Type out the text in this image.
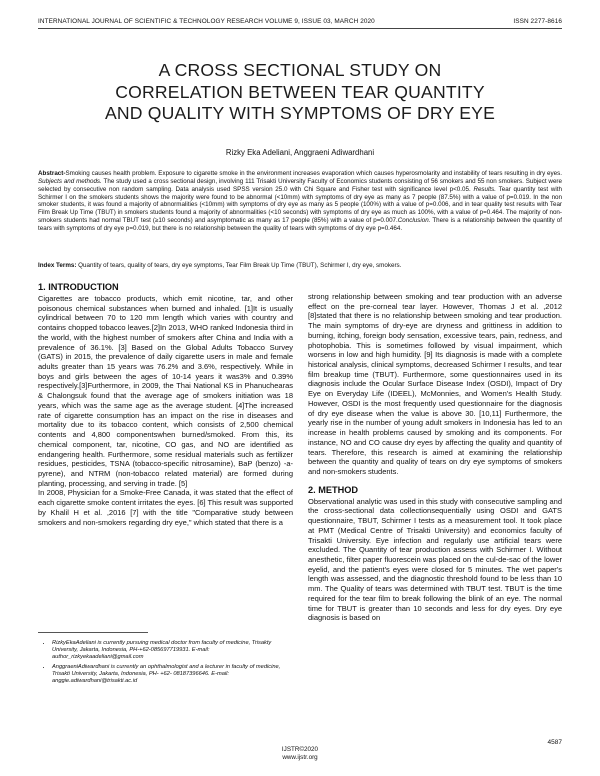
INTERNATIONAL JOURNAL OF SCIENTIFIC & TECHNOLOGY RESEARCH VOLUME 9, ISSUE 03, MARCH 2020	ISSN 2277-8616
A CROSS SECTIONAL STUDY ON
CORRELATION BETWEEN TEAR QUANTITY
AND QUALITY WITH SYMPTOMS OF DRY EYE
Rizky Eka Adeliani, Anggraeni Adiwardhani
Abstract-Smoking causes health problem. Exposure to cigarette smoke in the environment increases evaporation which causes hyperosmolarity and instability of tears resulting in dry eyes. Subjects and methods. The study used a cross sectional design, involving 111 Trisakti University Faculty of Economics students consisting of 56 smokers and 55 non smokers. Subject were selected by consecutive non random sampling. Data analysis used SPSS version 25.0 with Chi Square and Fisher test with significance level p<0.05. Results. Tear quantity test with Schirmer I on the smokers students shows the majority were found to be abnormal (<10mm) with symptoms of dry eye as many as 7 people (87.5%) with a value of p=0.019. In the non smoker students, it was found a majority of abnormalities (<10mm) with symptoms of dry eye as many as 5 people (100%) with a value of p=0.006, and in tear quality test results with Tear Film Break Up Time (TBUT) in smokers students found a majority of abnormalities (<10 seconds) with symptoms of dry eye as much as 100%, with a value of p=0.464. The majority of non-smokers students had normal TBUT test (≥10 seconds) and asymptomatic as many as 17 people (85%) with a value of p=0.007.Conclusion. There is a relationship between the quantity of tears with symptoms of dry eye p=0.019, but there is no relationship between the quality of tears with symptoms of dry eye p=0.464.
Index Terms: Quantity of tears, quality of tears, dry eye symptoms, Tear Film Break Up Time (TBUT), Schirmer I, dry eye, smokers.
1. INTRODUCTION

Cigarettes are tobacco products, which emit nicotine, tar, and other poisonous chemical substances when burned and inhaled. [1]It is usually cylindrical between 70 to 120 mm length which varies with country and contains chopped tobacco leaves.[2]In 2013, WHO ranked Indonesia third in the world, with the highest number of smokers after China and India with a prevalence of 36.1%. [3] Based on the Global Adults Tobacco Survey (GATS) in 2015, the prevalence of daily cigarette users in male and female adults greater than 15 years was 76.2% and 3.6%, respectively. While in boys and girls between the ages of 10-14 years it was3% and 0.39% respectively.[3]Furthermore, in 2009, the Thai National KS in Phanuchearas & Chalongsuk found that the average age of smokers initiation was 18 years, which was the same age as the average student. [4]The increased rate of cigarette consumption has an impact on the rise in diseases and mortality due to its tobacco content, which consists of 2,500 chemical contents and 4,800 componentswhen burned/smoked. From this, its chemical component, tar, nicotine, CO gas, and NO are identified as endangering health. Furthermore, some residual materials such as fertilizer residues, pesticides, TSNA (tobacco-specific nitrosamine), BaP (benzo) -a-pyrene), and NTRM (non-tobacco related material) are formed during planting, processing, and serving in trade. [5]

In 2008, Physician for a Smoke-Free Canada, it was stated that the effect of each cigarette smoke content irritates the eyes. [6] This result was supported by Khalil H et al. ,2016 [7] with the title "Comparative study between smokers and non-smokers regarding dry eye," which stated that there is a

strong relationship between smoking and tear production with an adverse effect on the pre-corneal tear layer. However, Thomas J et al. ,2012 [8]stated that there is no relationship between smoking and tear production. The main symptoms of dry-eye are dryness and grittiness in addition to burning, itching, foreign body sensation, excessive tears, pain, redness, and photophobia. This is sometimes followed by visual impairment, which worsens in low and high humidity. [9] Its diagnosis is made with a complete historical analysis, clinical symptoms, decreased Schirmer I results, and tear film breakup time (TBUT). Furthermore, some questionnaires used in its diagnosis include the Ocular Surface Disease Index (OSDI), Impact of Dry Eye on Everyday Life (IDEEL), McMonnies, and Women's Health Study. However, OSDI is the most frequently used questionnaire for the diagnosis of dry eye disease when the value is above 30. [10,11] Furthermore, the yearly rise in the number of young adult smokers in Indonesia has led to an increase in health problems caused by smoking and its components. For instance, NO and CO cause dry eyes by affecting the quality and quantity of tears. Therefore, this research is aimed at examining the relationship between the quantity and quality of tears on dry eye symptoms of smokers and non-smokers students.

2. METHOD

Observational analytic was used in this study with consecutive sampling and the cross-sectional data collectionsequentially using OSDI and GATS questionnaire, TBUT, Schirmer I tests as a measurement tool. It took place at PMT (Medical Centre of Trisakti University) and economics faculty of Trisakti University. Eye infection and regularly use artificial tears were excluded. The Quantity of tear production assess with Schirmer I. Without anesthetic, filter paper fluorescein was placed on the cul-de-sac of the lower eyelid, and the patient's eyes were closed for 5 minutes. The wet paper's length was assessed, and the diagnostic threshold found to be less than 10 mm. The Quality of tears was determined with TBUT test. TBUT is the time required for the tear film to break following the blink of an eye. The normal time for TBUT is greater than 10 seconds and less for dry eyes. Dry eye diagnosis is based on

• RizkyEkaAdeliani is currently pursuing medical doctor from faculty of medicine, Trisakty University, Jakarta, Indonesia, PH-+62-085697719931. E-mail: author_rizkyekaadeliani@gmail.com
• AnggraeniAdiwardhani is currently an ophthalmologist and a lecturer in faculty of medicine, Trisakti University, Jakarta, Indonesia, PH- +62- 08187396646. E-mail: anggie.adiwardhani@trisakti.ac.id
4587
IJSTR©2020
www.ijstr.org
